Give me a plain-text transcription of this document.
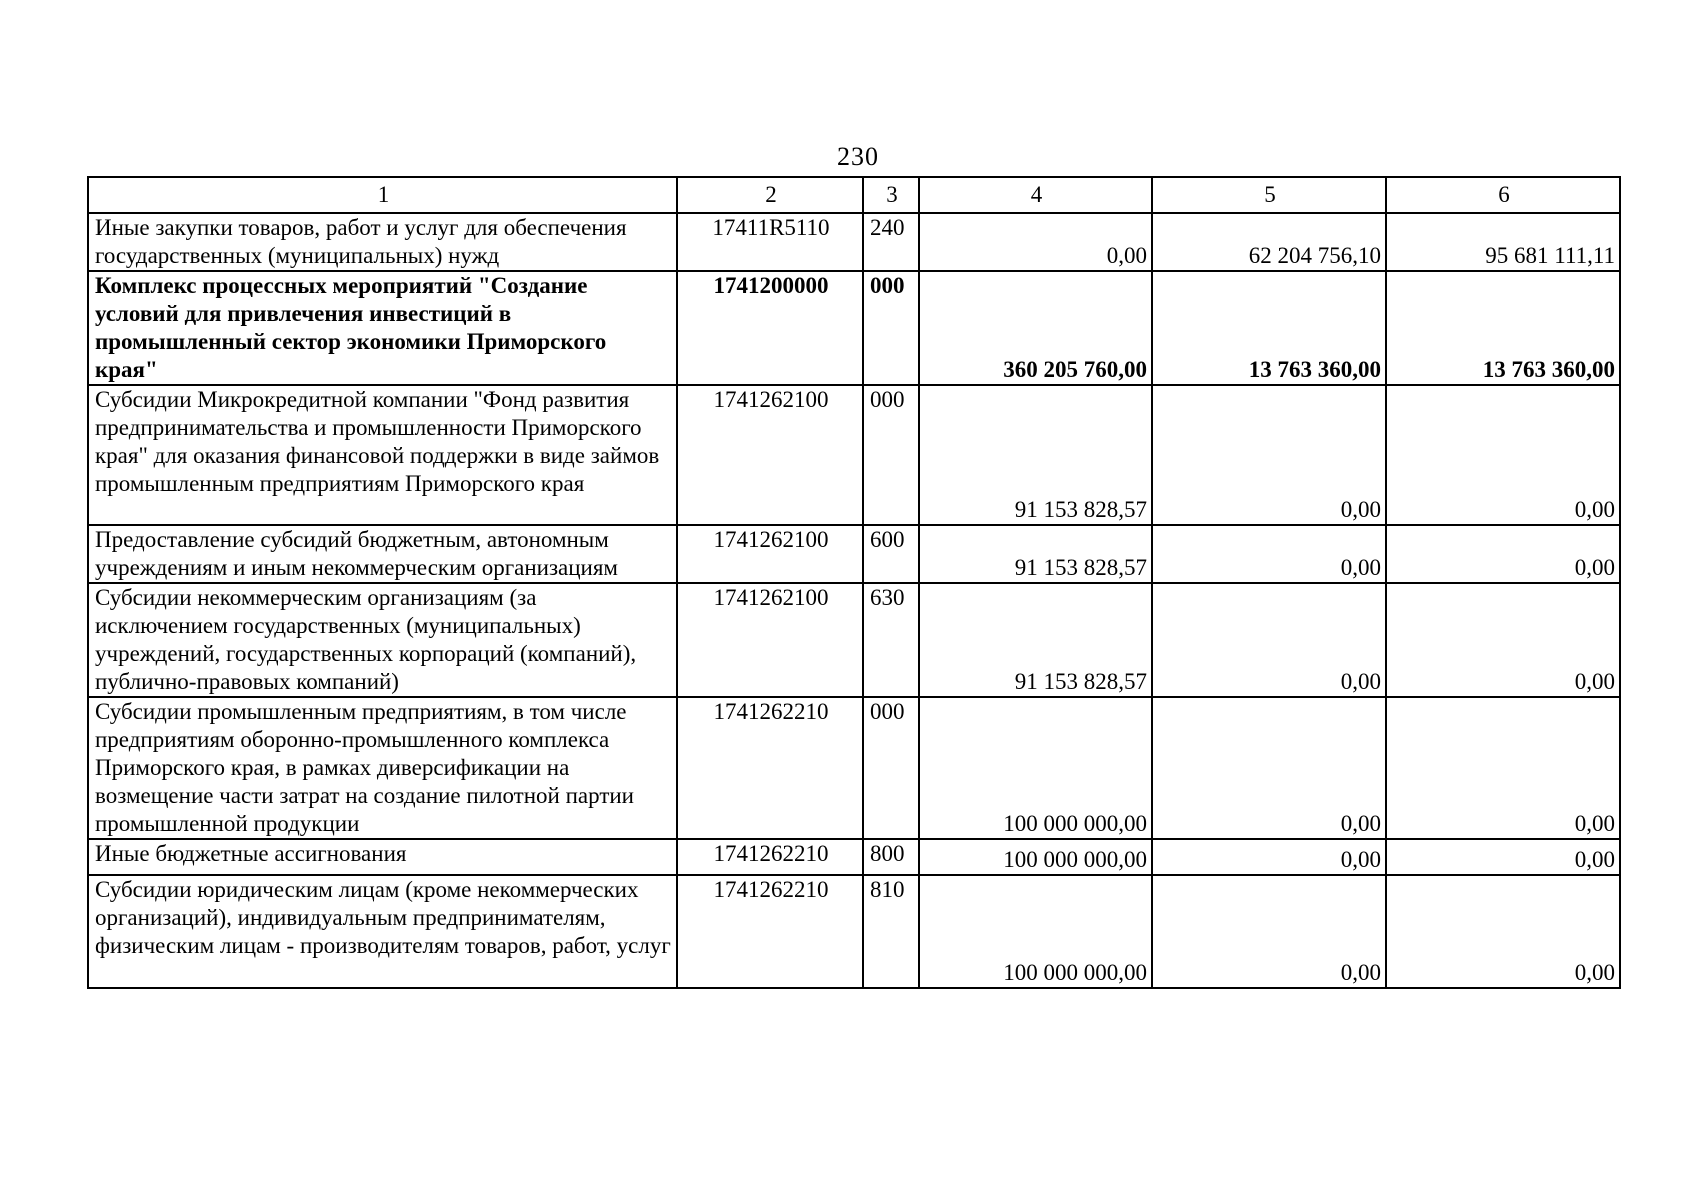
230
1	2	3	4	5	6
Иные закупки товаров, работ и услуг для обеспечения государственных (муниципальных) нужд	17411R5110	240	0,00	62 204 756,10	95 681 111,11
Комплекс процессных мероприятий "Создание условий для привлечения инвестиций в промышленный сектор экономики Приморского края"	1741200000	000	360 205 760,00	13 763 360,00	13 763 360,00
Субсидии Микрокредитной компании "Фонд развития предпринимательства и промышленности Приморского края" для оказания финансовой поддержки в виде займов промышленным предприятиям Приморского края	1741262100	000	91 153 828,57	0,00	0,00
Предоставление субсидий бюджетным, автономным учреждениям и иным некоммерческим организациям	1741262100	600	91 153 828,57	0,00	0,00
Субсидии некоммерческим организациям (за исключением государственных (муниципальных) учреждений, государственных корпораций (компаний), публично-правовых компаний)	1741262100	630	91 153 828,57	0,00	0,00
Субсидии промышленным предприятиям, в том числе предприятиям оборонно-промышленного комплекса Приморского края, в рамках диверсификации на возмещение части затрат на создание пилотной партии промышленной продукции	1741262210	000	100 000 000,00	0,00	0,00
Иные бюджетные ассигнования	1741262210	800	100 000 000,00	0,00	0,00
Субсидии юридическим лицам (кроме некоммерческих организаций), индивидуальным предпринимателям, физическим лицам - производителям товаров, работ, услуг	1741262210	810	100 000 000,00	0,00	0,00
